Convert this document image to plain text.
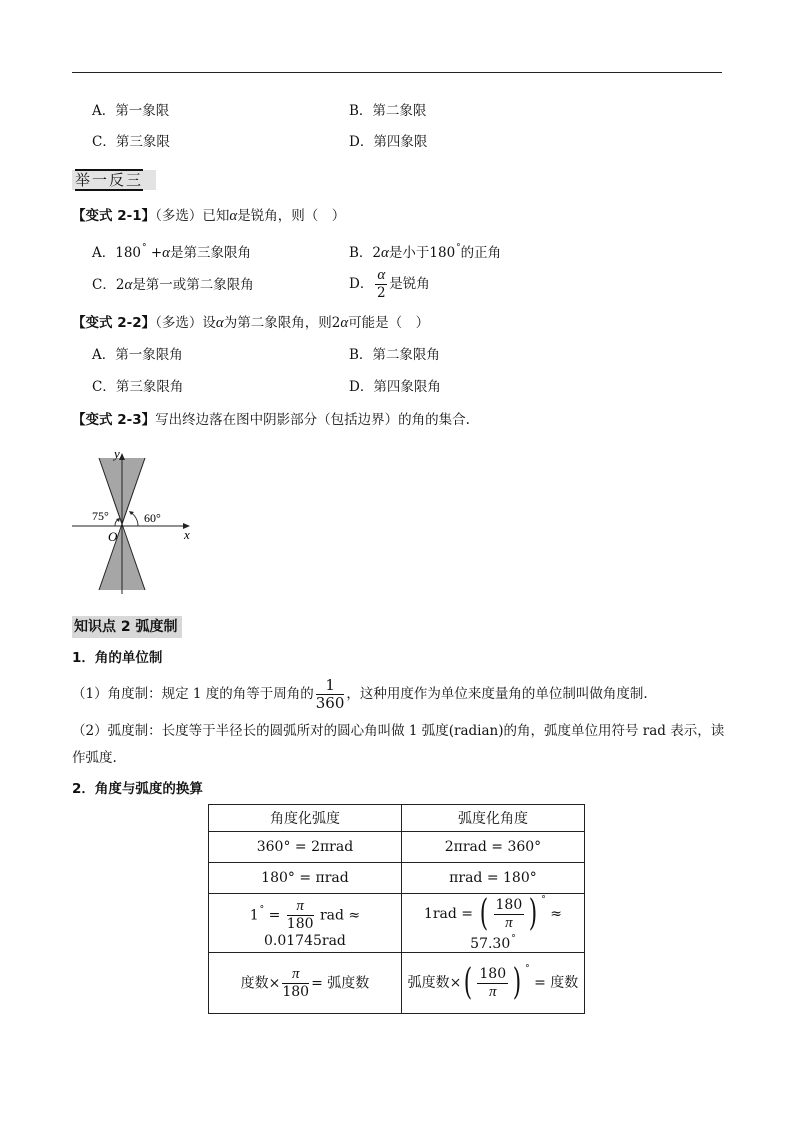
A．第一象限	B．第二象限
C．第三象限	D．第四象限
举一反三
【变式 2-1】（多选）已知α是锐角，则（　）
A．180° +α是第三象限角	B．2α是小于180°的正角
C．2α是第一或第二象限角	D． $\frac{\alpha}{2}$ 是锐角
【变式 2-2】（多选）设α为第二象限角，则2α可能是（　）
A．第一象限角	B．第二象限角
C．第三象限角	D．第四象限角
【变式 2-3】写出终边落在图中阴影部分（包括边界）的角的集合.
y
x
O
75°	60°
知识点 2 弧度制
1．角的单位制
（1）角度制：规定 1 度的角等于周角的 $\frac{1}{360}$ ，这种用度作为单位来度量角的单位制叫做角度制.
（2）弧度制：长度等于半径长的圆弧所对的圆心角叫做 1 弧度(radian)的角，弧度单位用符号 rad 表示，读
作弧度.
2．角度与弧度的换算
角度化弧度	弧度化角度
360° = 2πrad	2πrad = 360°
180° = πrad	πrad = 180°
$1^\circ = \frac{\pi}{180}$ rad ≈ 0.01745rad	1rad = ( $\frac{180}{\pi}$ ) ° ≈ 57.30°
度数× $\frac{\pi}{180}$ = 弧度数	弧度数×( $\frac{180}{\pi}$ ) ° = 度数
